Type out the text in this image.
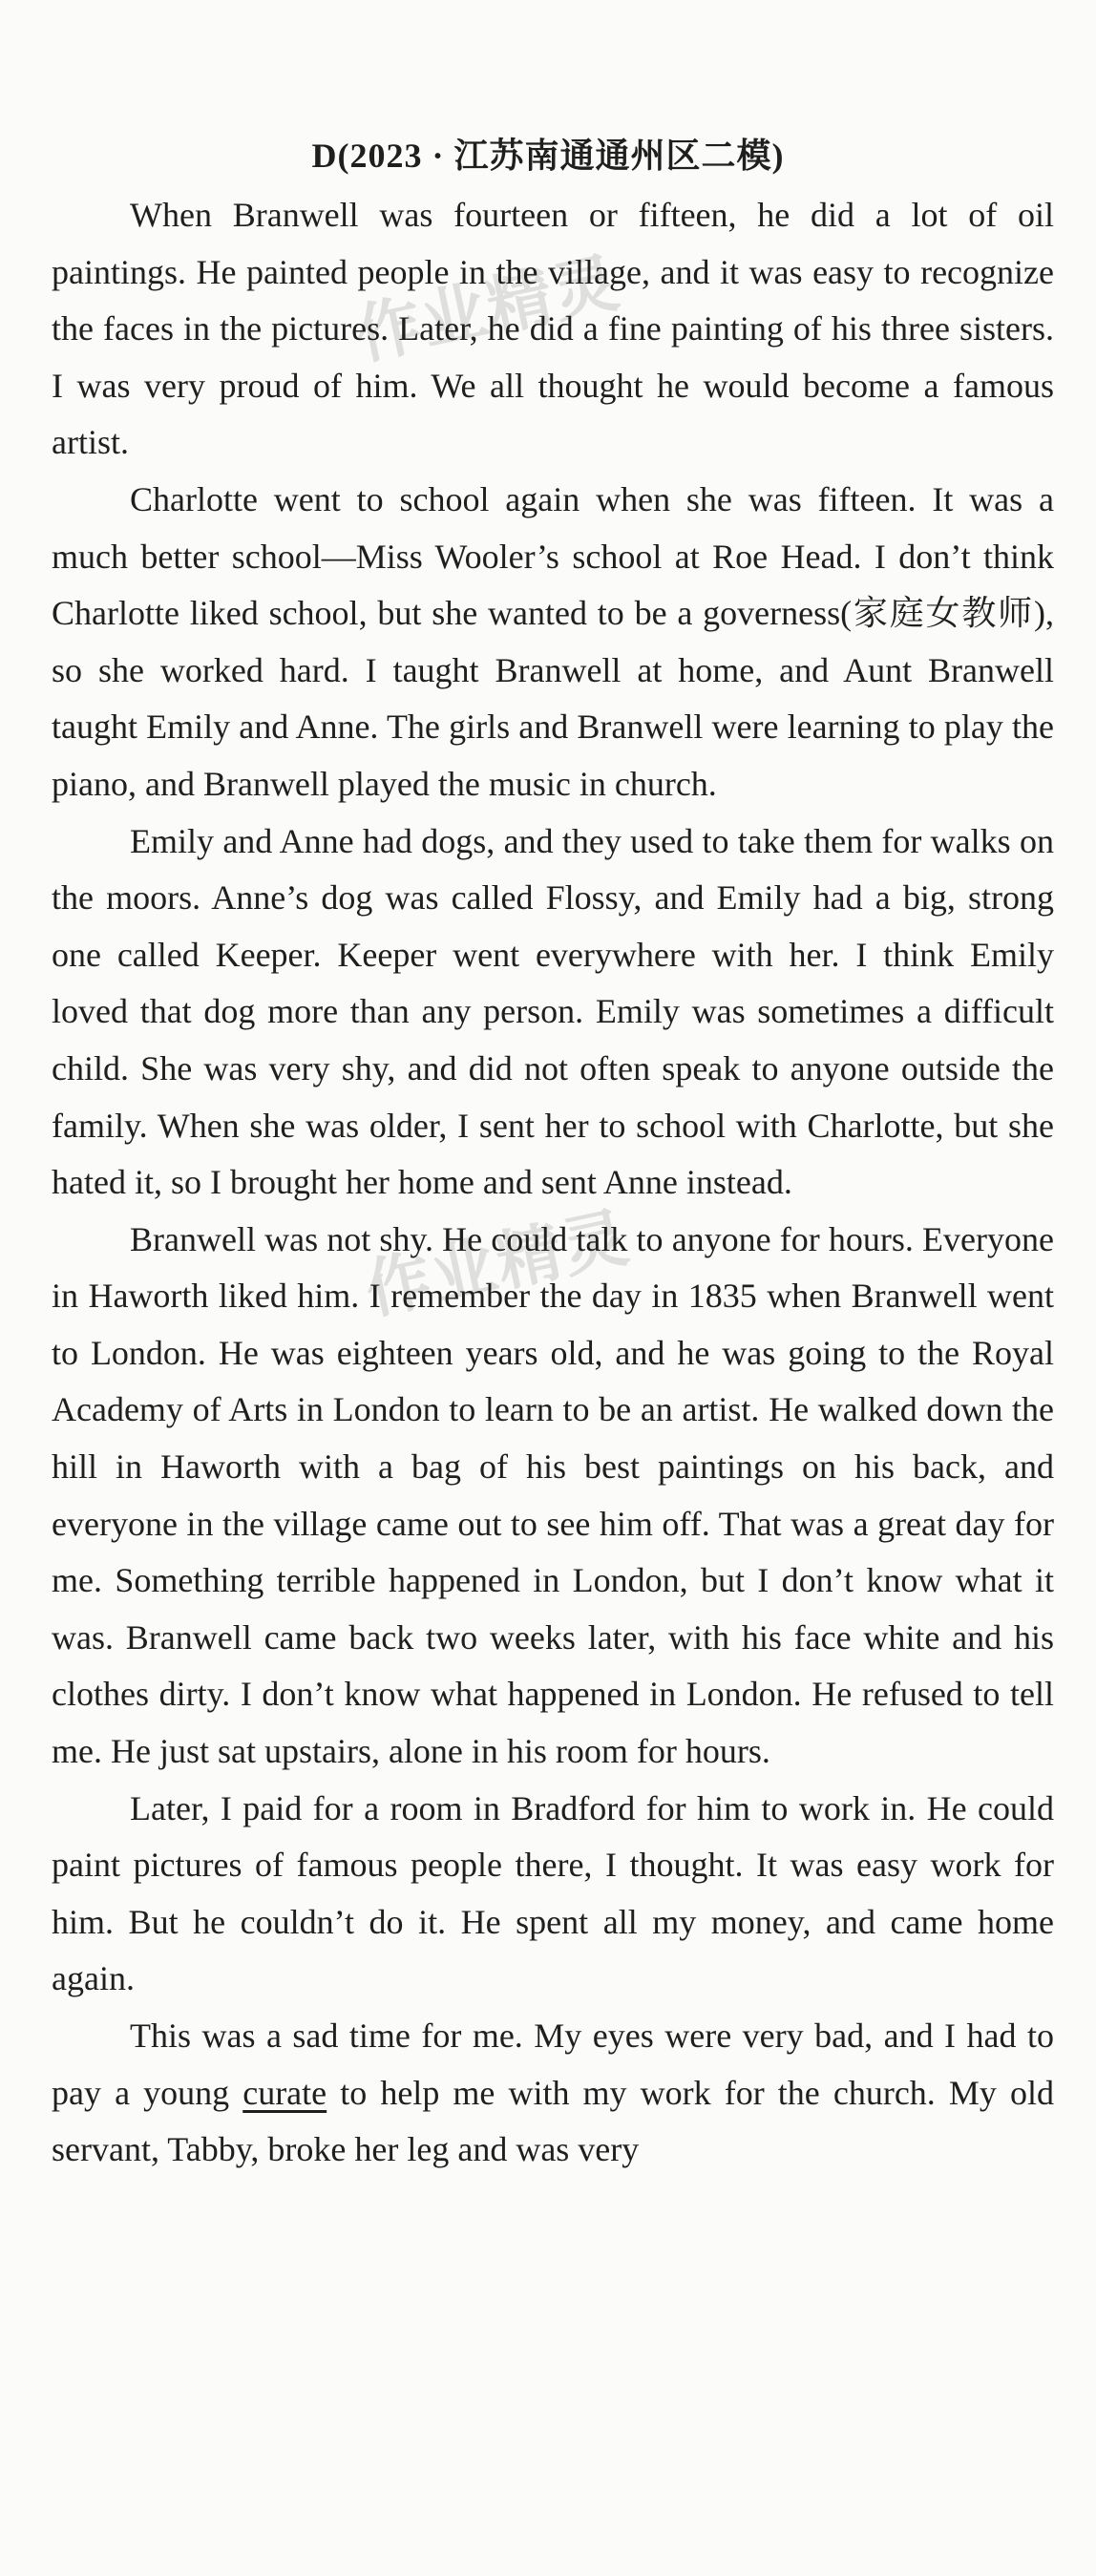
D(2023 · 江苏南通通州区二模)
作业精灵
作业精灵

When Branwell was fourteen or fifteen, he did a lot of oil paintings. He painted people in the village, and it was easy to recognize the faces in the pictures. Later, he did a fine painting of his three sisters. I was very proud of him. We all thought he would become a famous artist.

Charlotte went to school again when she was fifteen. It was a much better school—Miss Wooler’s school at Roe Head. I don’t think Charlotte liked school, but she wanted to be a governess(家庭女教师), so she worked hard. I taught Branwell at home, and Aunt Branwell taught Emily and Anne. The girls and Branwell were learning to play the piano, and Branwell played the music in church.

Emily and Anne had dogs, and they used to take them for walks on the moors. Anne’s dog was called Flossy, and Emily had a big, strong one called Keeper. Keeper went everywhere with her. I think Emily loved that dog more than any person. Emily was sometimes a difficult child. She was very shy, and did not often speak to anyone outside the family. When she was older, I sent her to school with Charlotte, but she hated it, so I brought her home and sent Anne instead.

Branwell was not shy. He could talk to anyone for hours. Everyone in Haworth liked him. I remember the day in 1835 when Branwell went to London. He was eighteen years old, and he was going to the Royal Academy of Arts in London to learn to be an artist. He walked down the hill in Haworth with a bag of his best paintings on his back, and everyone in the village came out to see him off. That was a great day for me. Something terrible happened in London, but I don’t know what it was. Branwell came back two weeks later, with his face white and his clothes dirty. I don’t know what happened in London. He refused to tell me. He just sat upstairs, alone in his room for hours.

Later, I paid for a room in Bradford for him to work in. He could paint pictures of famous people there, I thought. It was easy work for him. But he couldn’t do it. He spent all my money, and came home again.

This was a sad time for me. My eyes were very bad, and I had to pay a young curate to help me with my work for the church. My old servant, Tabby, broke her leg and was very
